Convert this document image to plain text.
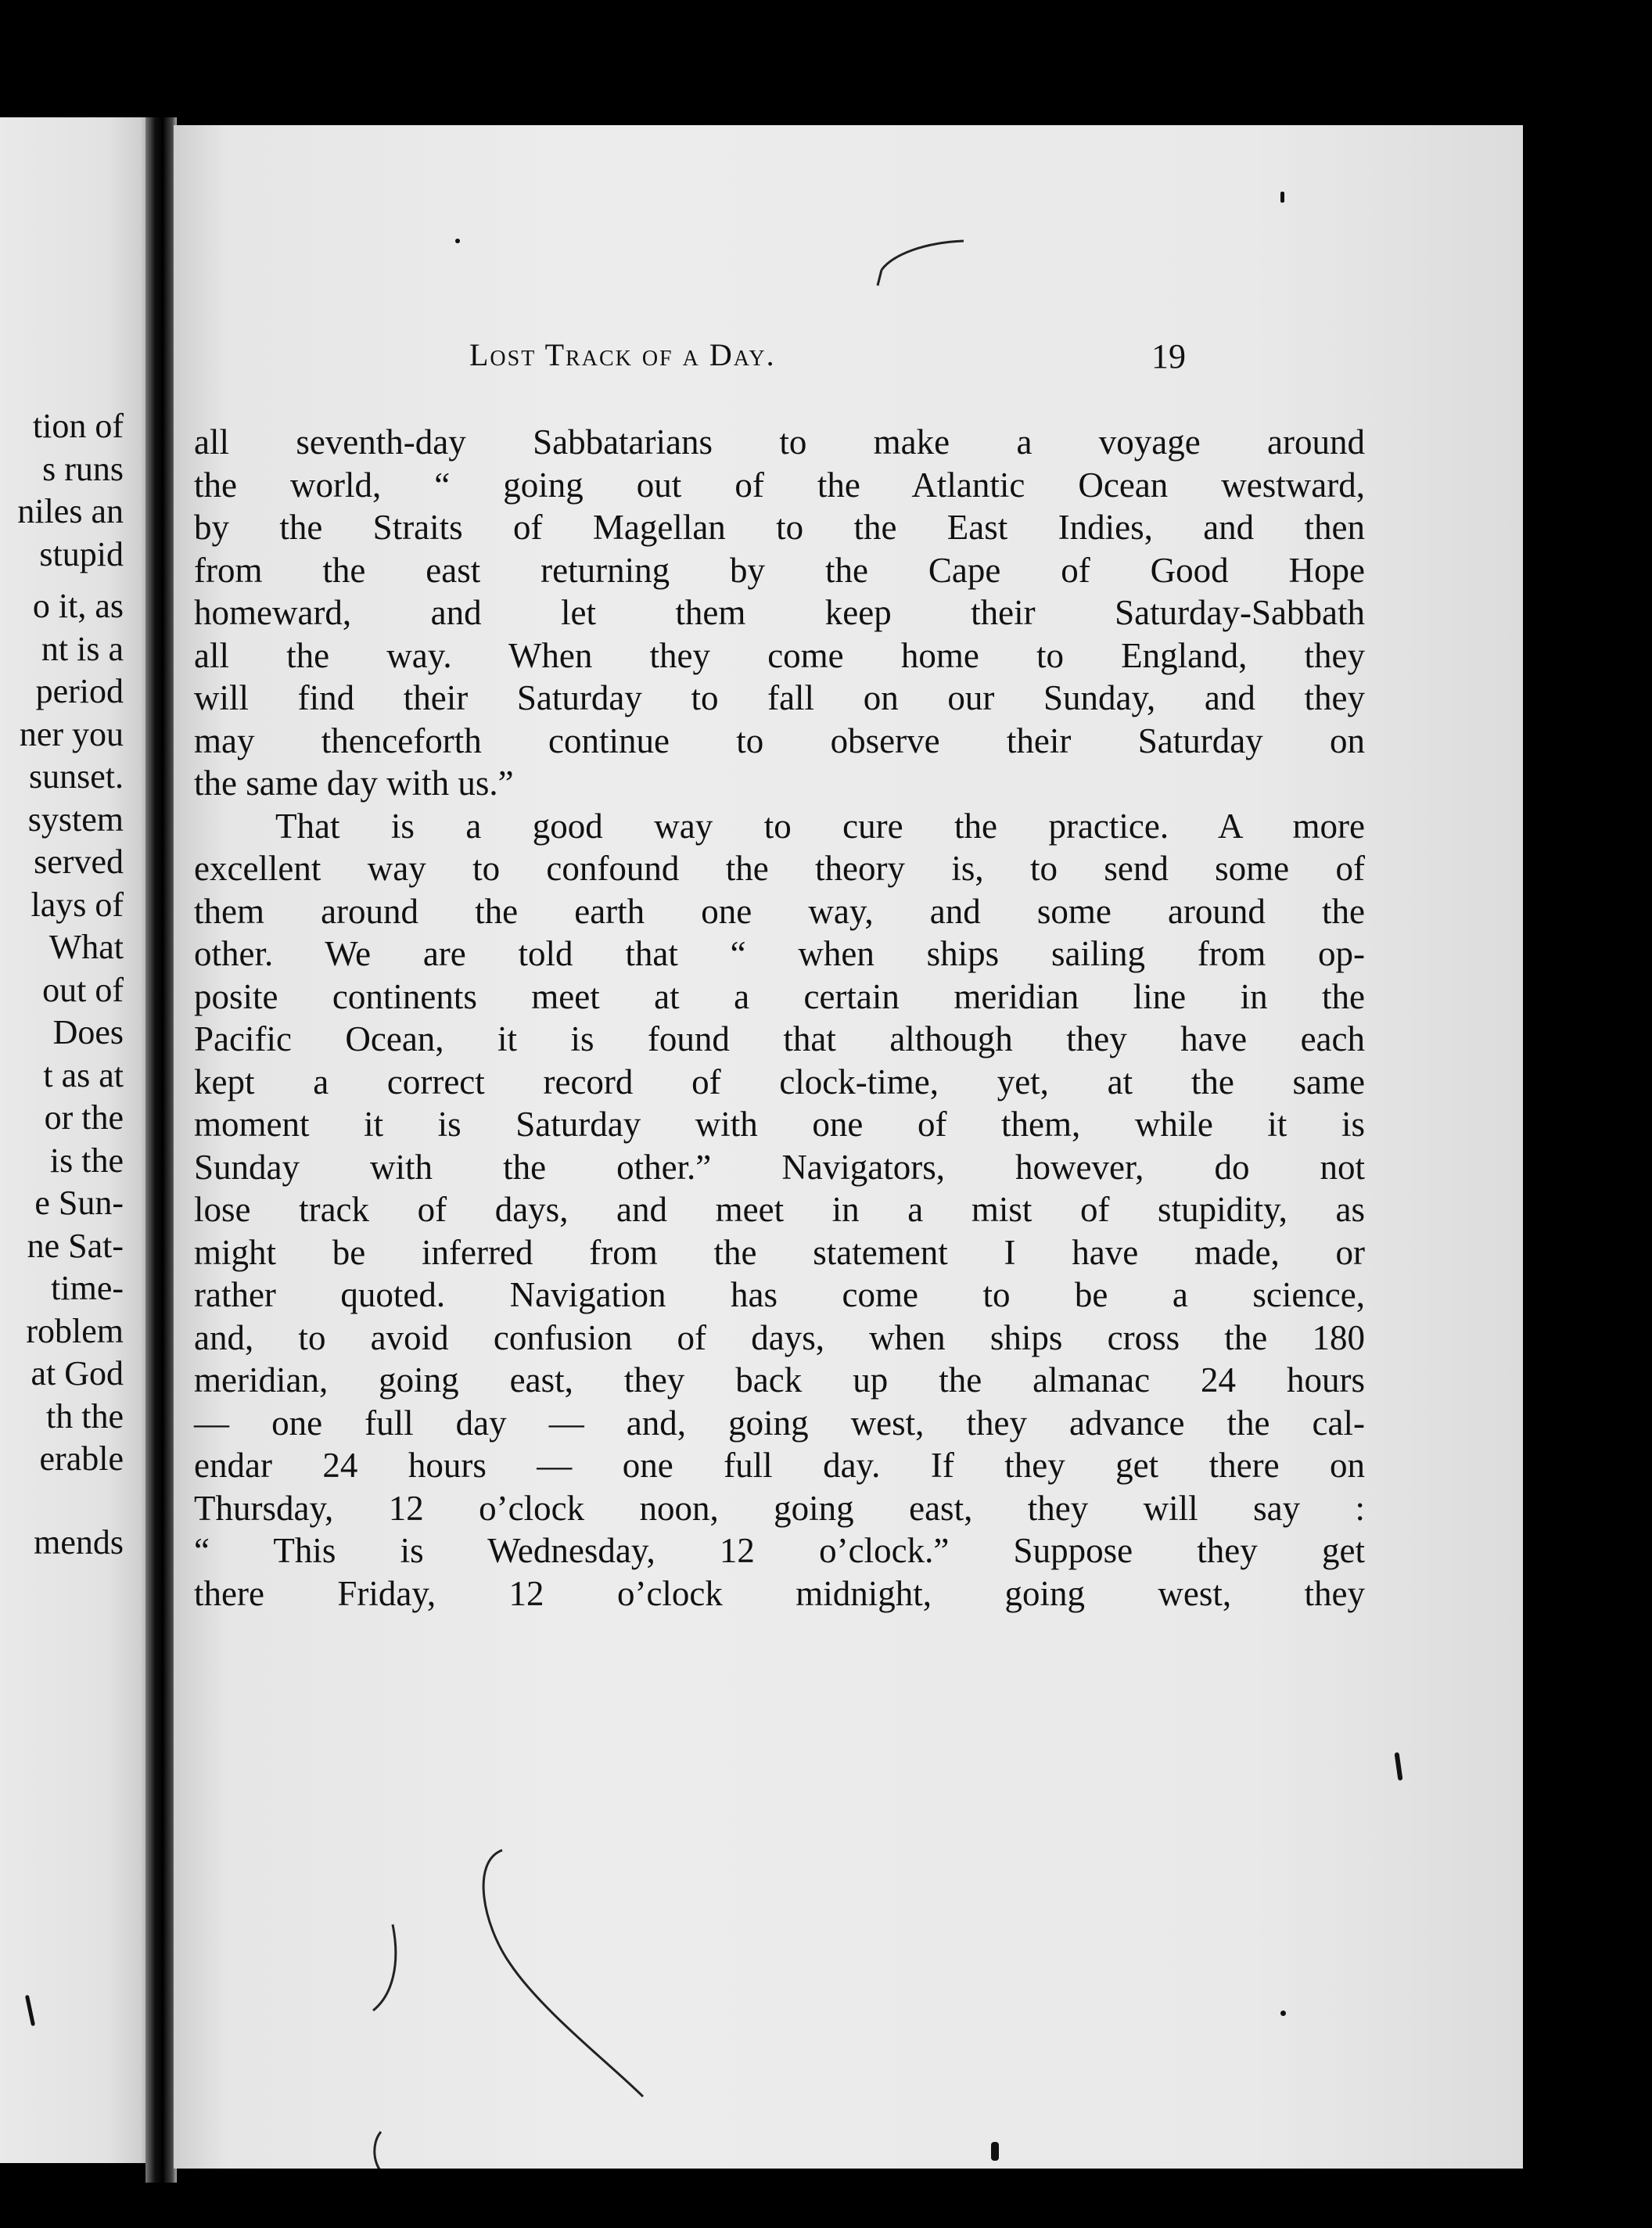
tion of
s runs
niles an
stupid
o it, as
nt is a
period
ner you
sunset.
system
served
lays of
What
out of
Does
t as at
or the
is the
e Sun-
ne Sat-
time-
roblem
at God
th the
erable
mends
Lost Track of a Day.	19
all seventh-day Sabbatarians to make a voyage around
the world, “ going out of the Atlantic Ocean westward,
by the Straits of Magellan to the East Indies, and then
from the east returning by the Cape of Good Hope
homeward, and let them keep their Saturday-Sabbath
all the way. When they come home to England, they
will find their Saturday to fall on our Sunday, and they
may thenceforth continue to observe their Saturday on
the same day with us.”
That is a good way to cure the practice. A more
excellent way to confound the theory is, to send some of
them around the earth one way, and some around the
other. We are told that “ when ships sailing from op-
posite continents meet at a certain meridian line in the
Pacific Ocean, it is found that although they have each
kept a correct record of clock-time, yet, at the same
moment it is Saturday with one of them, while it is
Sunday with the other.” Navigators, however, do not
lose track of days, and meet in a mist of stupidity, as
might be inferred from the statement I have made, or
rather quoted. Navigation has come to be a science,
and, to avoid confusion of days, when ships cross the 180
meridian, going east, they back up the almanac 24 hours
— one full day — and, going west, they advance the cal-
endar 24 hours — one full day. If they get there on
Thursday, 12 o’clock noon, going east, they will say :
“ This is Wednesday, 12 o’clock.” Suppose they get
there Friday, 12 o’clock midnight, going west, they
